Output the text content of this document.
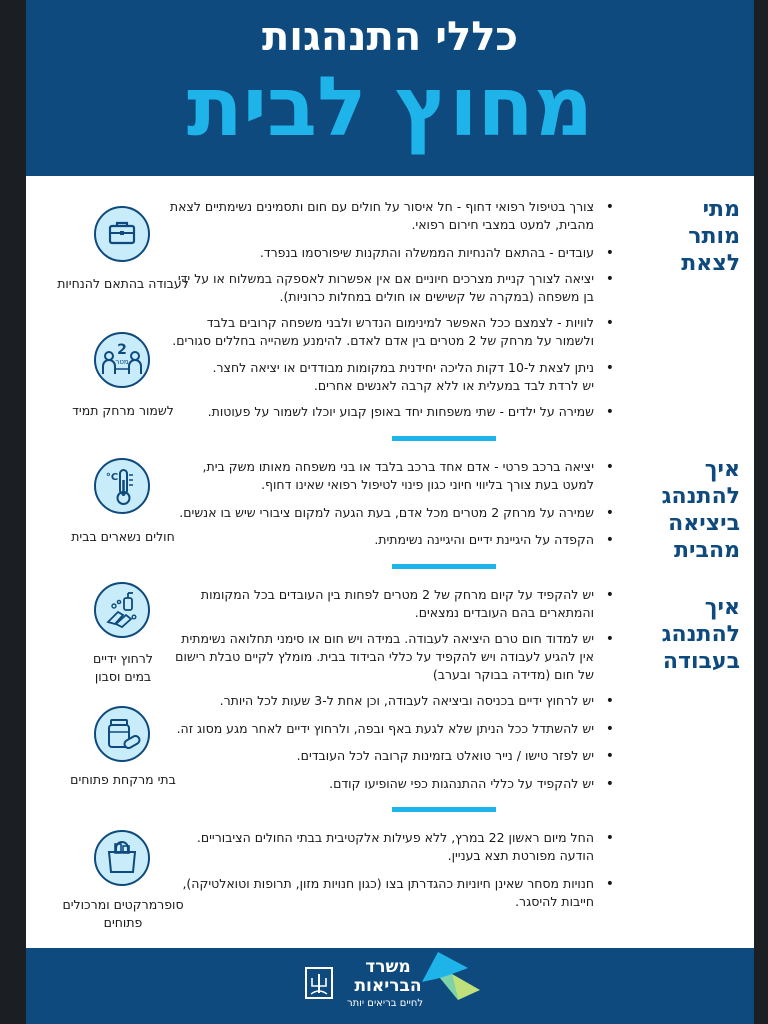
כללי התנהגות
מחוץ לבית
מתי
מותר
לצאת
איך
להתנהג
ביציאה
מהבית
איך
להתנהג
בעבודה
•
צורך בטיפול רפואי דחוף - חל איסור על חולים עם חום ותסמינים נשימתיים לצאת
מהבית, למעט במצבי חירום רפואי.
•
עובדים - בהתאם להנחיות הממשלה והתקנות שיפורסמו בנפרד.
•
יציאה לצורך קניית מצרכים חיוניים אם אין אפשרות לאספקה במשלוח או על ידי
בן משפחה (במקרה של קשישים או חולים במחלות כרוניות).
•
לוויות - לצמצם ככל האפשר למינימום הנדרש ולבני משפחה קרובים בלבד
ולשמור על מרחק של 2 מטרים בין אדם לאדם. להימנע משהייה בחללים סגורים.
•
ניתן לצאת ל-10 דקות הליכה יחידנית במקומות מבודדים או יציאה לחצר.
יש לרדת לבד במעלית או ללא קרבה לאנשים אחרים.
•
שמירה על ילדים - שתי משפחות יחד באופן קבוע יוכלו לשמור על פעוטות.
•
יציאה ברכב פרטי - אדם אחד ברכב בלבד או בני משפחה מאותו משק בית,
למעט בעת צורך בליווי חיוני כגון פינוי לטיפול רפואי שאינו דחוף.
•
שמירה על מרחק 2 מטרים מכל אדם, בעת הגעה למקום ציבורי שיש בו אנשים.
•
הקפדה על היגיינת ידיים והיגיינה נשימתית.
•
יש להקפיד על קיום מרחק של 2 מטרים לפחות בין העובדים בכל המקומות
והמתארים בהם העובדים נמצאים.
•
יש למדוד חום טרם היציאה לעבודה. במידה ויש חום או סימני תחלואה נשימתית
אין להגיע לעבודה ויש להקפיד על כללי הבידוד בבית. מומלץ לקיים טבלת רישום
של חום (מדידה בבוקר ובערב)
•
יש לרחוץ ידיים בכניסה וביציאה לעבודה, וכן אחת ל-3 שעות לכל היותר.
•
יש להשתדל ככל הניתן שלא לגעת באף ובפה, ולרחוץ ידיים לאחר מגע מסוג זה.
•
יש לפזר טישו / נייר טואלט בזמינות קרובה לכל העובדים.
•
יש להקפיד על כללי ההתנהגות כפי שהופיעו קודם.
•
החל מיום ראשון 22 במרץ, ללא פעילות אלקטיבית בבתי החולים הציבוריים.
הודעה מפורטת תצא בעניין.
•
חנויות מסחר שאינן חיוניות כהגדרתן בצו (כגון חנויות מזון, תרופות וטואלטיקה),
חייבות להיסגר.
לעבודה בהתאם להנחיות
2
מטר
לשמור מרחק תמיד
°C
חולים נשארים בבית
לרחוץ ידיים
במים וסבון
בתי מרקחת פתוחים
סופרמרקטים ומרכולים
פתוחים
משרד
הבריאות
לחיים בריאים יותר
